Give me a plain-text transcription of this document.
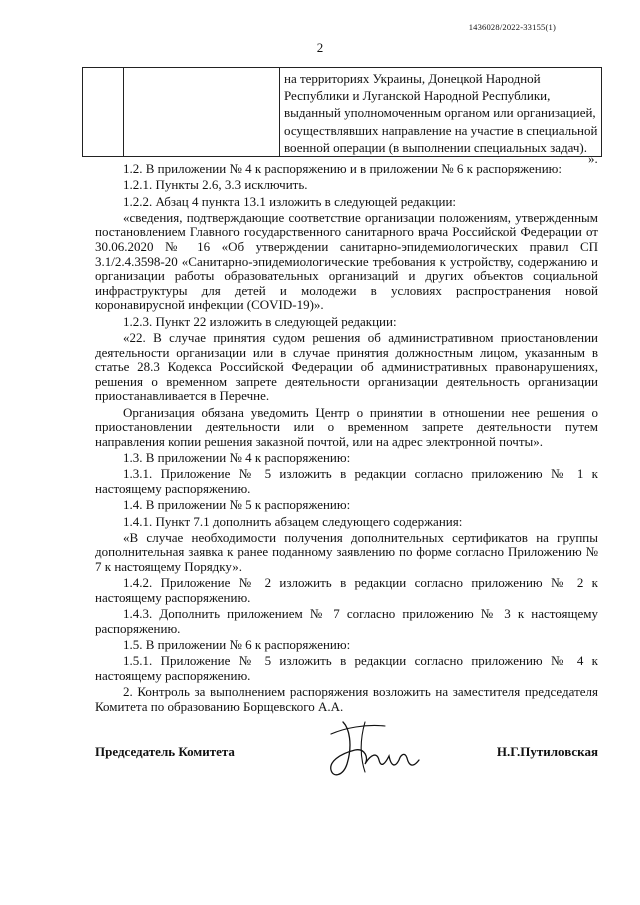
1436028/2022-33155(1)
2

на территориях Украины, Донецкой Народной
Республики и Луганской Народной Республики,
выданный уполномоченным органом или организацией,
осуществлявших направление на участие в специальной
военной операции (в выполнении специальных задач).
».

1.2. В приложении № 4 к распоряжению и в приложении № 6 к распоряжению:

1.2.1. Пункты 2.6, 3.3 исключить.

1.2.2. Абзац 4 пункта 13.1 изложить в следующей редакции:

«сведения, подтверждающие соответствие организации положениям, утвержденным постановлением Главного государственного санитарного врача Российской Федерации от 30.06.2020 № 16 «Об утверждении санитарно-эпидемиологических правил СП 3.1/2.4.3598-20 «Санитарно-эпидемиологические требования к устройству, содержанию и организации работы образовательных организаций и других объектов социальной инфраструктуры для детей и молодежи в условиях распространения новой коронавирусной инфекции (COVID-19)».

1.2.3. Пункт 22 изложить в следующей редакции:

«22. В случае принятия судом решения об административном приостановлении деятельности организации или в случае принятия должностным лицом, указанным в статье 28.3 Кодекса Российской Федерации об административных правонарушениях, решения о временном запрете деятельности организации деятельность организации приостанавливается в Перечне.

Организация обязана уведомить Центр о принятии в отношении нее решения о приостановлении деятельности или о временном запрете деятельности путем направления копии решения заказной почтой, или на адрес электронной почты».

1.3. В приложении № 4 к распоряжению:

1.3.1. Приложение № 5 изложить в редакции согласно приложению № 1 к настоящему распоряжению.

1.4. В приложении № 5 к распоряжению:

1.4.1. Пункт 7.1 дополнить абзацем следующего содержания:

«В случае необходимости получения дополнительных сертификатов на группы дополнительная заявка к ранее поданному заявлению по форме согласно Приложению № 7 к настоящему Порядку».

1.4.2. Приложение № 2 изложить в редакции согласно приложению № 2 к настоящему распоряжению.

1.4.3. Дополнить приложением № 7 согласно приложению № 3 к настоящему распоряжению.

1.5. В приложении № 6 к распоряжению:

1.5.1. Приложение № 5 изложить в редакции согласно приложению № 4 к настоящему распоряжению.

2. Контроль за выполнением распоряжения возложить на заместителя председателя Комитета по образованию Борщевского А.А.

Председатель Комитета	Н.Г.Путиловская
